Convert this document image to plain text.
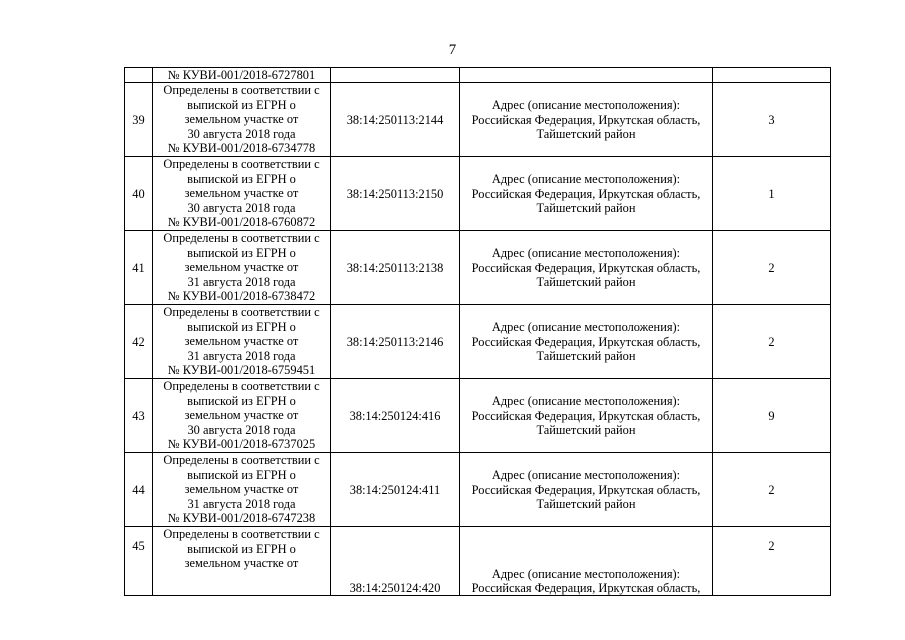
7

	№ КУВИ-001/2018-6727801			

39	Определены в соответствии с
выпиской из ЕГРН о
земельном участке от
30 августа 2018 года
№ КУВИ-001/2018-6734778	38:14:250113:2144	Адрес (описание местоположения):
Российская Федерация, Иркутская область,
Тайшетский район	3
40	Определены в соответствии с
выпиской из ЕГРН о
земельном участке от
30 августа 2018 года
№ КУВИ-001/2018-6760872	38:14:250113:2150	Адрес (описание местоположения):
Российская Федерация, Иркутская область,
Тайшетский район	1
41	Определены в соответствии с
выпиской из ЕГРН о
земельном участке от
31 августа 2018 года
№ КУВИ-001/2018-6738472	38:14:250113:2138	Адрес (описание местоположения):
Российская Федерация, Иркутская область,
Тайшетский район	2
42	Определены в соответствии с
выпиской из ЕГРН о
земельном участке от
31 августа 2018 года
№ КУВИ-001/2018-6759451	38:14:250113:2146	Адрес (описание местоположения):
Российская Федерация, Иркутская область,
Тайшетский район	2
43	Определены в соответствии с
выпиской из ЕГРН о
земельном участке от
30 августа 2018 года
№ КУВИ-001/2018-6737025	38:14:250124:416	Адрес (описание местоположения):
Российская Федерация, Иркутская область,
Тайшетский район	9
44	Определены в соответствии с
выпиской из ЕГРН о
земельном участке от
31 августа 2018 года
№ КУВИ-001/2018-6747238	38:14:250124:411	Адрес (описание местоположения):
Российская Федерация, Иркутская область,
Тайшетский район	2
45	Определены в соответствии с
выпиской из ЕГРН о
земельном участке от	38:14:250124:420	Адрес (описание местоположения):
Российская Федерация, Иркутская область,	2
